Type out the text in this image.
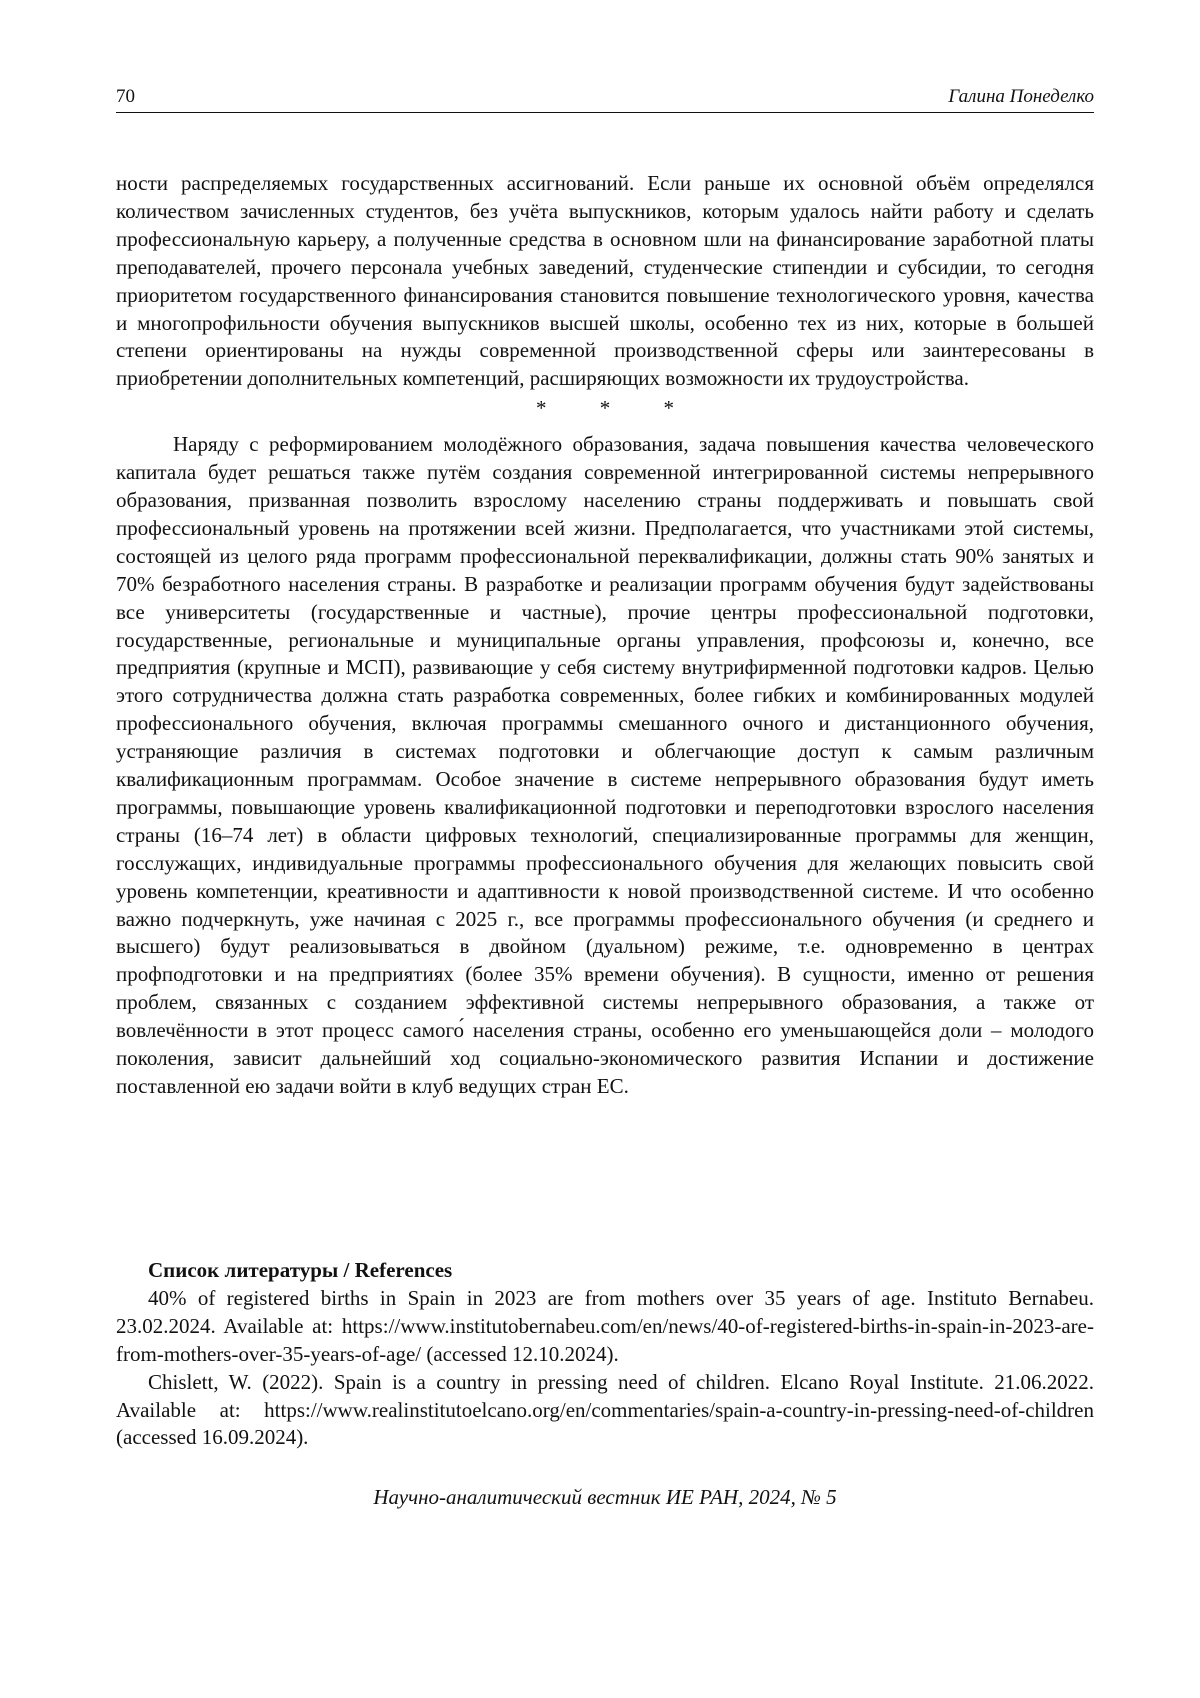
70	Галина Понеделко

ности распределяемых государственных ассигнований. Если раньше их основной объём определялся количеством зачисленных студентов, без учёта выпускников, которым удалось найти работу и сделать профессиональную карьеру, а полученные средства в основном шли на финансирование заработной платы преподавателей, прочего персонала учебных заведений, студенческие стипендии и субсидии, то сегодня приоритетом государственного финансирования становится повышение технологического уровня, качества и многопрофильности обучения выпускников высшей школы, особенно тех из них, которые в большей степени ориентированы на нужды современной производственной сферы или заинтересованы в приобретении дополнительных компетенций, расширяющих возможности их трудоустройства.

*	*	*

Наряду с реформированием молодёжного образования, задача повышения качества человеческого капитала будет решаться также путём создания современной интегрированной системы непрерывного образования, призванная позволить взрослому населению страны поддерживать и повышать свой профессиональный уровень на протяжении всей жизни. Предполагается, что участниками этой системы, состоящей из целого ряда программ профессиональной переквалификации, должны стать 90% занятых и 70% безработного населения страны. В разработке и реализации программ обучения будут задействованы все университеты (государственные и частные), прочие центры профессиональной подготовки, государственные, региональные и муниципальные органы управления, профсоюзы и, конечно, все предприятия (крупные и МСП), развивающие у себя систему внутрифирменной подготовки кадров. Целью этого сотрудничества должна стать разработка современных, более гибких и комбинированных модулей профессионального обучения, включая программы смешанного очного и дистанционного обучения, устраняющие различия в системах подготовки и облегчающие доступ к самым различным квалификационным программам. Особое значение в системе непрерывного образования будут иметь программы, повышающие уровень квалификационной подготовки и переподготовки взрослого населения страны (16–74 лет) в области цифровых технологий, специализированные программы для женщин, госслужащих, индивидуальные программы профессионального обучения для желающих повысить свой уровень компетенции, креативности и адаптивности к новой производственной системе. И что особенно важно подчеркнуть, уже начиная с 2025 г., все программы профессионального обучения (и среднего и высшего) будут реализовываться в двойном (дуальном) режиме, т.е. одновременно в центрах профподготовки и на предприятиях (более 35% времени обучения). В сущности, именно от решения проблем, связанных с созданием эффективной системы непрерывного образования, а также от вовлечённости в этот процесс самого́ населения страны, особенно его уменьшающейся доли – молодого поколения, зависит дальнейший ход социально-экономического развития Испании и достижение поставленной ею задачи войти в клуб ведущих стран ЕС.

Список литературы / References

40% of registered births in Spain in 2023 are from mothers over 35 years of age. Instituto Bernabeu. 23.02.2024. Available at: https://www.institutobernabeu.com/en/news/40-of-registered-births-in-spain-in-2023-are-from-mothers-over-35-years-of-age/ (accessed 12.10.2024).

Chislett, W. (2022). Spain is a country in pressing need of children. Elcano Royal Institute. 21.06.2022. Available at: https://www.realinstitutoelcano.org/en/commentaries/spain-a-country-in-pressing-need-of-children (accessed 16.09.2024).

Научно-аналитический вестник ИЕ РАН, 2024, № 5
